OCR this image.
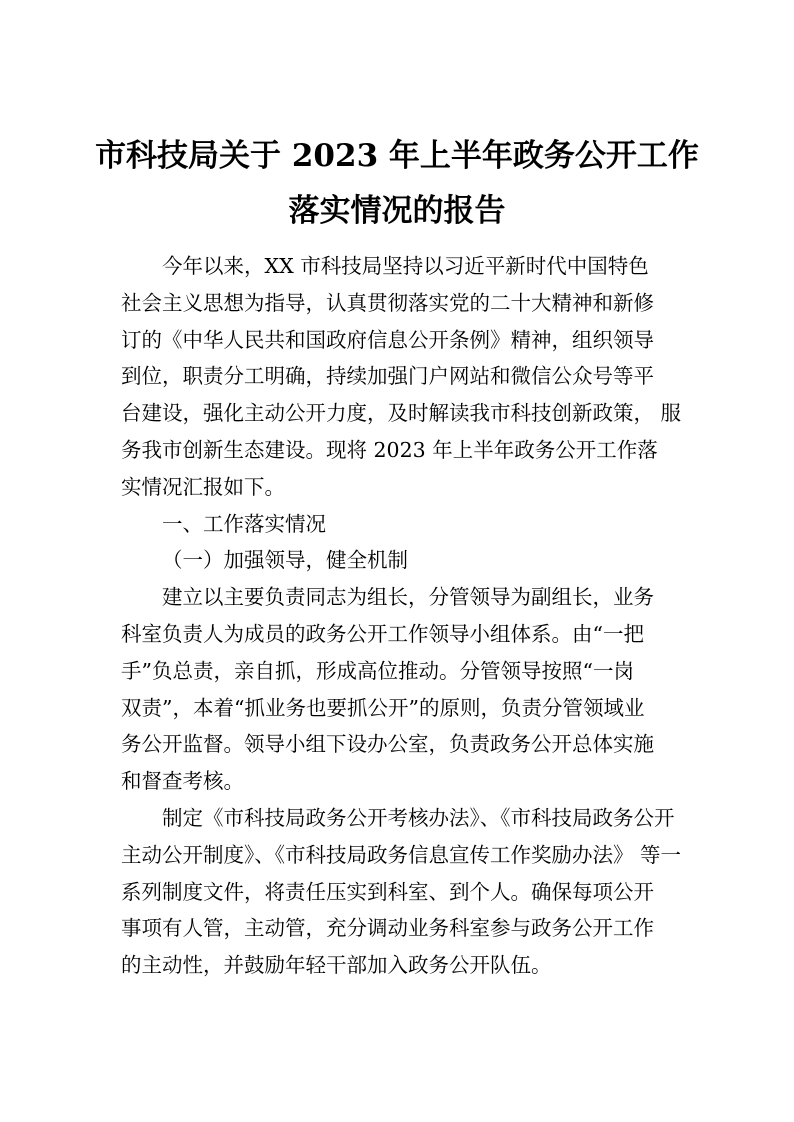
市科技局关于 2023 年上半年政务公开工作
落实情况的报告
今年以来，XX 市科技局坚持以习近平新时代中国特色
社会主义思想为指导，认真贯彻落实党的二十大精神和新修
订的《中华人民共和国政府信息公开条例》精神，组织领导
到位，职责分工明确，持续加强门户网站和微信公众号等平
台建设，强化主动公开力度，及时解读我市科技创新政策， 服
务我市创新生态建设。现将 2023 年上半年政务公开工作落
实情况汇报如下。
一、工作落实情况
（一）加强领导，健全机制
建立以主要负责同志为组长，分管领导为副组长，业务
科室负责人为成员的政务公开工作领导小组体系。由“一把
手”负总责，亲自抓，形成高位推动。分管领导按照“一岗
双责”，本着“抓业务也要抓公开”的原则，负责分管领域业
务公开监督。领导小组下设办公室，负责政务公开总体实施
和督查考核。
制定《市科技局政务公开考核办法》、《市科技局政务公开
主动公开制度》、《市科技局政务信息宣传工作奖励办法》 等一
系列制度文件，将责任压实到科室、到个人。确保每项公开
事项有人管，主动管，充分调动业务科室参与政务公开工作
的主动性，并鼓励年轻干部加入政务公开队伍。
